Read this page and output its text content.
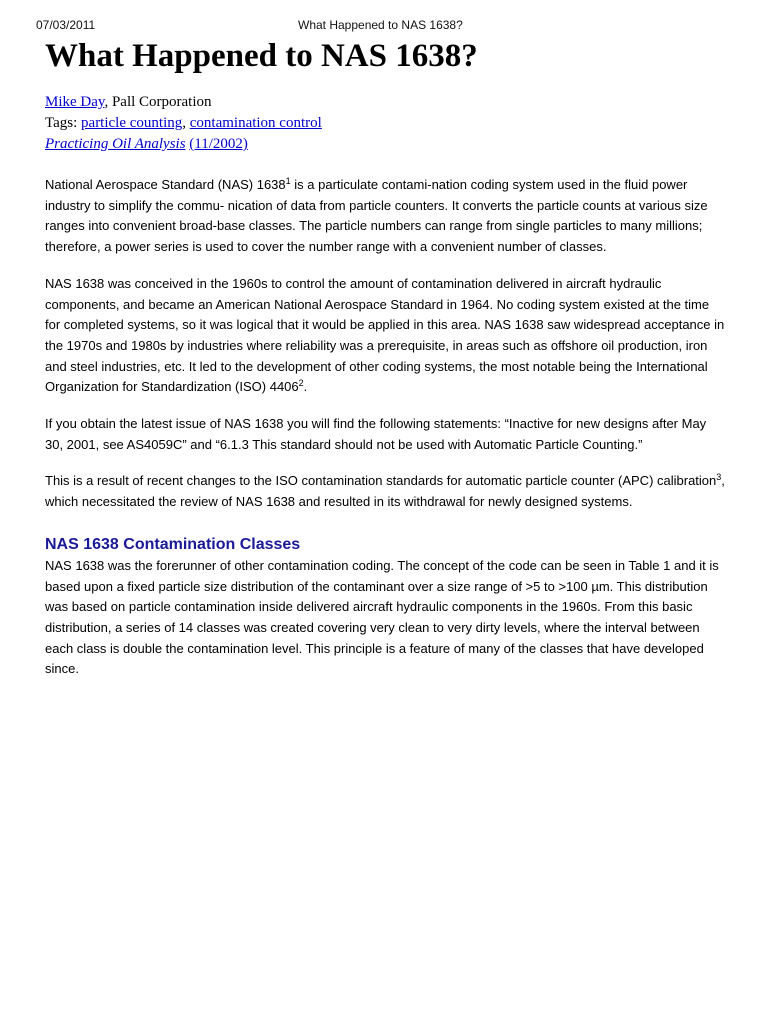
07/03/2011	What Happened to NAS 1638?
What Happened to NAS 1638?
Mike Day, Pall Corporation
Tags: particle counting, contamination control
Practicing Oil Analysis (11/2002)

National Aerospace Standard (NAS) 1638$^1$ is a particulate contami-nation coding system used in the fluid power industry to simplify the commu- nication of data from particle counters. It converts the particle counts at various size ranges into convenient broad-base classes. The particle numbers can range from single particles to many millions; therefore, a power series is used to cover the number range with a convenient number of classes.

NAS 1638 was conceived in the 1960s to control the amount of contamination delivered in aircraft hydraulic components, and became an American National Aerospace Standard in 1964. No coding system existed at the time for completed systems, so it was logical that it would be applied in this area. NAS 1638 saw widespread acceptance in the 1970s and 1980s by industries where reliability was a prerequisite, in areas such as offshore oil production, iron and steel industries, etc. It led to the development of other coding systems, the most notable being the International Organization for Standardization (ISO) 4406$^2$.

If you obtain the latest issue of NAS 1638 you will find the following statements: “Inactive for new designs after May 30, 2001, see AS4059C” and “6.1.3 This standard should not be used with Automatic Particle Counting.”

This is a result of recent changes to the ISO contamination standards for automatic particle counter (APC) calibration$^3$, which necessitated the review of NAS 1638 and resulted in its withdrawal for newly designed systems.

NAS 1638 Contamination Classes

NAS 1638 was the forerunner of other contamination coding. The concept of the code can be seen in Table 1 and it is based upon a fixed particle size distribution of the contaminant over a size range of >5 to >100 µm. This distribution was based on particle contamination inside delivered aircraft hydraulic components in the 1960s. From this basic distribution, a series of 14 classes was created covering very clean to very dirty levels, where the interval between each class is double the contamination level. This principle is a feature of many of the classes that have developed since.
